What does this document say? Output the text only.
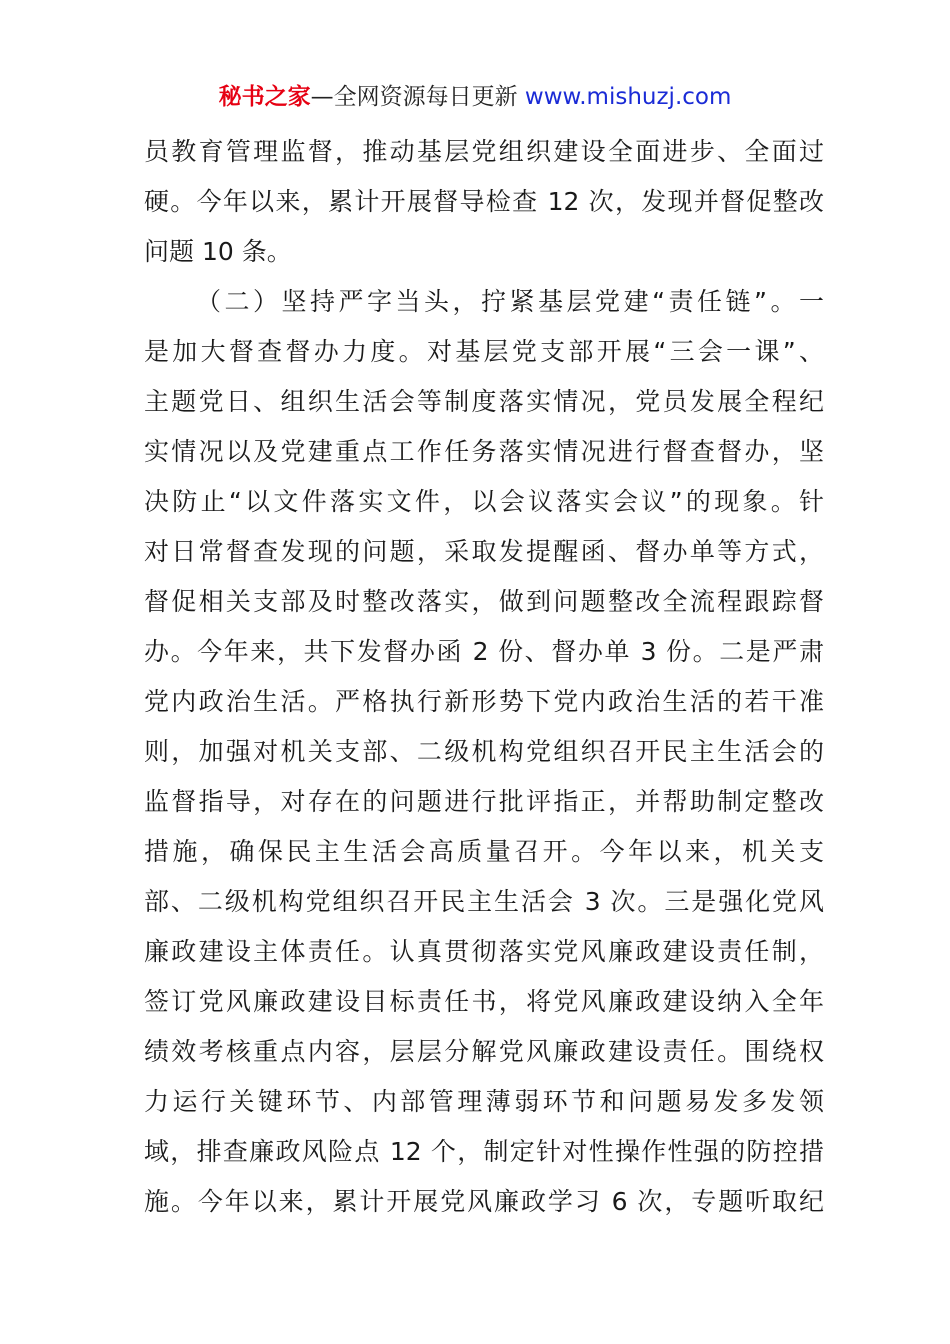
秘书之家—全网资源每日更新 www.mishuzj.com
员教育管理监督，推动基层党组织建设全面进步、全面过
硬。今年以来，累计开展督导检查 12 次，发现并督促整改
问题 10 条。
（二）坚持严字当头，拧紧基层党建“责任链”。一
是加大督查督办力度。对基层党支部开展“三会一课”、
主题党日、组织生活会等制度落实情况，党员发展全程纪
实情况以及党建重点工作任务落实情况进行督查督办，坚
决防止“以文件落实文件，以会议落实会议”的现象。针
对日常督查发现的问题，采取发提醒函、督办单等方式，
督促相关支部及时整改落实，做到问题整改全流程跟踪督
办。今年来，共下发督办函 2 份、督办单 3 份。二是严肃
党内政治生活。严格执行新形势下党内政治生活的若干准
则，加强对机关支部、二级机构党组织召开民主生活会的
监督指导，对存在的问题进行批评指正，并帮助制定整改
措施，确保民主生活会高质量召开。今年以来，机关支
部、二级机构党组织召开民主生活会 3 次。三是强化党风
廉政建设主体责任。认真贯彻落实党风廉政建设责任制，
签订党风廉政建设目标责任书，将党风廉政建设纳入全年
绩效考核重点内容，层层分解党风廉政建设责任。围绕权
力运行关键环节、内部管理薄弱环节和问题易发多发领
域，排查廉政风险点 12 个，制定针对性操作性强的防控措
施。今年以来，累计开展党风廉政学习 6 次，专题听取纪
